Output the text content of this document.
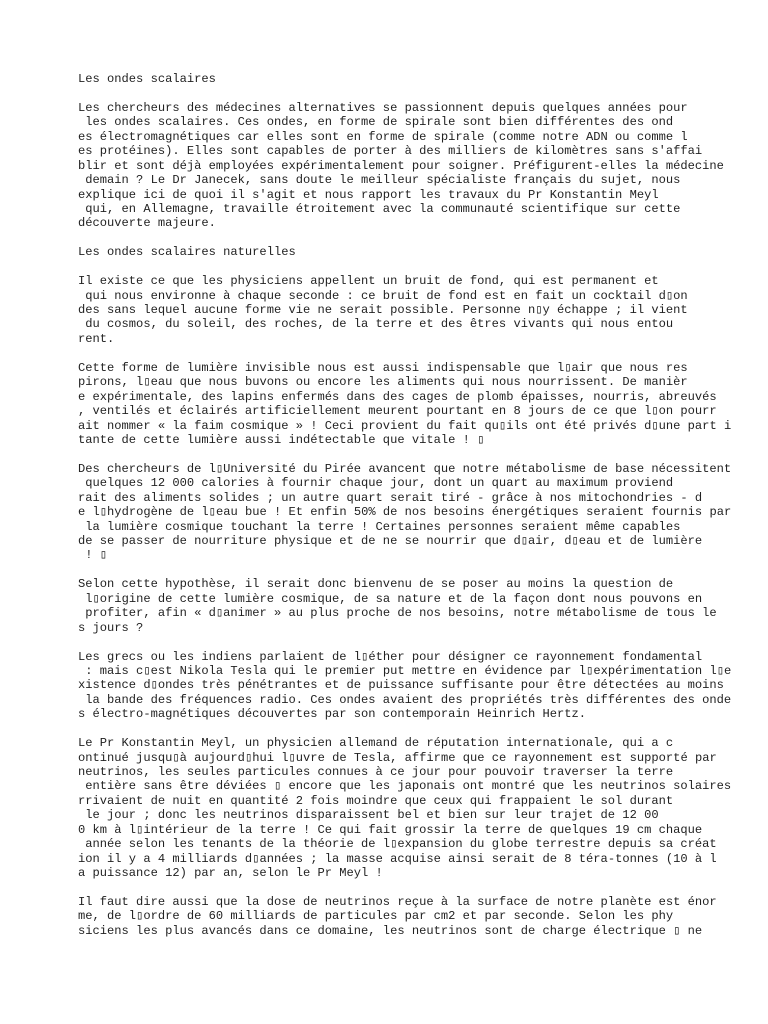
Les ondes scalaires
Les chercheurs des médecines alternatives se passionnent depuis quelques années pour
les ondes scalaires. Ces ondes, en forme de spirale sont bien différentes des ond
es électromagnétiques car elles sont en forme de spirale (comme notre ADN ou comme l
es protéines). Elles sont capables de porter à des milliers de kilomètres sans s'affai
blir et sont déjà employées expérimentalement pour soigner. Préfigurent-elles la médecine
demain ? Le Dr Janecek, sans doute le meilleur spécialiste français du sujet, nous
explique ici de quoi il s'agit et nous rapport les travaux du Pr Konstantin Meyl
qui, en Allemagne, travaille étroitement avec la communauté scientifique sur cette
découverte majeure.
Les ondes scalaires naturelles
Il existe ce que les physiciens appellent un bruit de fond, qui est permanent et
qui nous environne à chaque seconde : ce bruit de fond est en fait un cocktail d▯on
des sans lequel aucune forme vie ne serait possible. Personne n▯y échappe ; il vient
du cosmos, du soleil, des roches, de la terre et des êtres vivants qui nous entou
rent.
Cette forme de lumière invisible nous est aussi indispensable que l▯air que nous res
pirons, l▯eau que nous buvons ou encore les aliments qui nous nourrissent. De manièr
e expérimentale, des lapins enfermés dans des cages de plomb épaisses, nourris, abreuvés
, ventilés et éclairés artificiellement meurent pourtant en 8 jours de ce que l▯on pourr
ait nommer « la faim cosmique » ! Ceci provient du fait qu▯ils ont été privés d▯une part i
tante de cette lumière aussi indétectable que vitale ! ▯
Des chercheurs de l▯Université du Pirée avancent que notre métabolisme de base nécessitent
quelques 12 000 calories à fournir chaque jour, dont un quart au maximum proviend
rait des aliments solides ; un autre quart serait tiré - grâce à nos mitochondries - d
e l▯hydrogène de l▯eau bue ! Et enfin 50% de nos besoins énergétiques seraient fournis par
la lumière cosmique touchant la terre ! Certaines personnes seraient même capables
de se passer de nourriture physique et de ne se nourrir que d▯air, d▯eau et de lumière
! ▯
Selon cette hypothèse, il serait donc bienvenu de se poser au moins la question de
l▯origine de cette lumière cosmique, de sa nature et de la façon dont nous pouvons en
profiter, afin « d▯animer » au plus proche de nos besoins, notre métabolisme de tous le
s jours ?
Les grecs ou les indiens parlaient de l▯éther pour désigner ce rayonnement fondamental
: mais c▯est Nikola Tesla qui le premier put mettre en évidence par l▯expérimentation l▯e
xistence d▯ondes très pénétrantes et de puissance suffisante pour être détectées au moins
la bande des fréquences radio. Ces ondes avaient des propriétés très différentes des onde
s électro-magnétiques découvertes par son contemporain Heinrich Hertz.
Le Pr Konstantin Meyl, un physicien allemand de réputation internationale, qui a c
ontinué jusqu▯à aujourd▯hui l▯uvre de Tesla, affirme que ce rayonnement est supporté par
neutrinos, les seules particules connues à ce jour pour pouvoir traverser la terre
entière sans être déviées ▯ encore que les japonais ont montré que les neutrinos solaires
rrivaient de nuit en quantité 2 fois moindre que ceux qui frappaient le sol durant
le jour ; donc les neutrinos disparaissent bel et bien sur leur trajet de 12 00
0 km à l▯intérieur de la terre ! Ce qui fait grossir la terre de quelques 19 cm chaque
année selon les tenants de la théorie de l▯expansion du globe terrestre depuis sa créat
ion il y a 4 milliards d▯années ; la masse acquise ainsi serait de 8 téra-tonnes (10 à l
a puissance 12) par an, selon le Pr Meyl !
Il faut dire aussi que la dose de neutrinos reçue à la surface de notre planète est énor
me, de l▯ordre de 60 milliards de particules par cm2 et par seconde. Selon les phy
siciens les plus avancés dans ce domaine, les neutrinos sont de charge électrique ▯ ne
